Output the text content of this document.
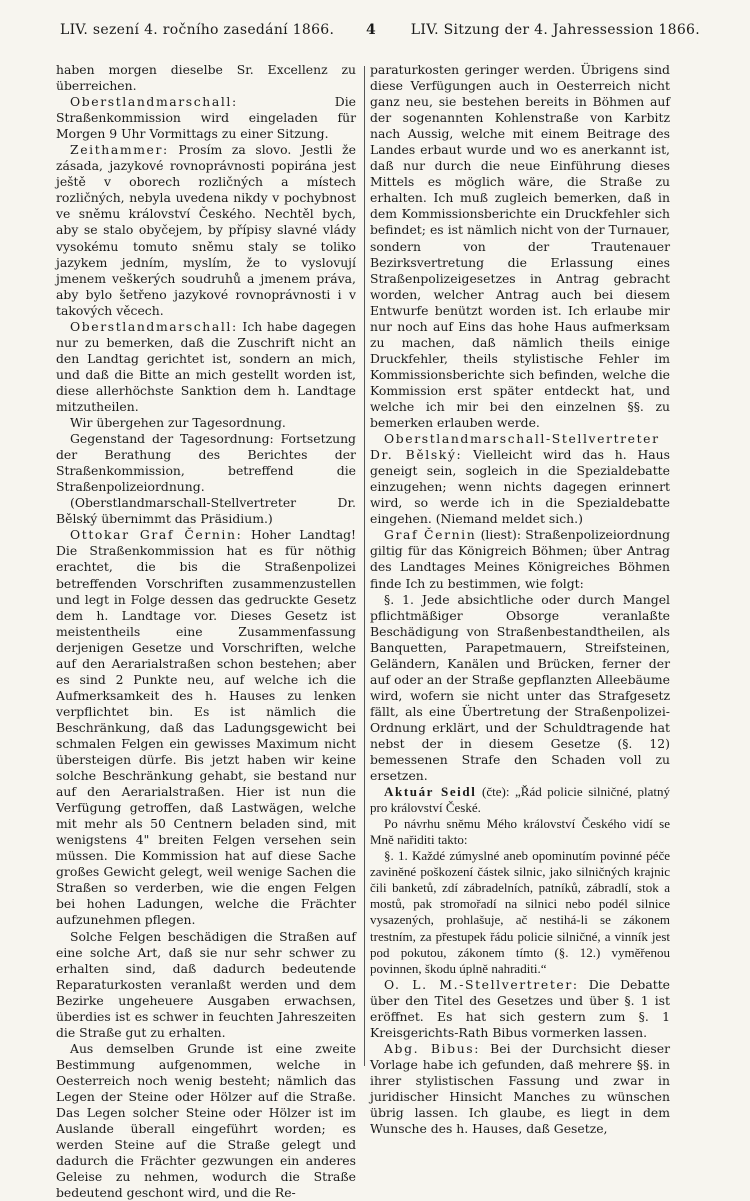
LIV. sezení 4. ročního zasedání 1866. 4 LIV. Sitzung der 4. Jahressession 1866.

haben morgen dieselbe Sr. Excellenz zu überreichen.

Oberstlandmarschall: Die Straßenkommission wird eingeladen für Morgen 9 Uhr Vormittags zu einer Sitzung.

Zeithammer: Prosím za slovo. Jestli že zásada, jazykové rovnoprávnosti popirána jest ještě v oborech rozličných a místech rozličných, nebyla uvedena nikdy v pochybnost ve sněmu království Českého. Nechtěl bych, aby se stalo obyčejem, by přípisy slavné vlády vysokému tomuto sněmu staly se toliko jazykem jedním, myslím, že to vyslovují jmenem veškerých soudruhů a jmenem práva, aby bylo šetřeno jazykové rovnoprávnosti i v takových věcech.

Oberstlandmarschall: Ich habe dagegen nur zu bemerken, daß die Zuschrift nicht an den Landtag gerichtet ist, sondern an mich, und daß die Bitte an mich gestellt worden ist, diese allerhöchste Sanktion dem h. Landtage mitzutheilen.

Wir übergehen zur Tagesordnung.

Gegenstand der Tagesordnung: Fortsetzung der Berathung des Berichtes der Straßenkommission, betreffend die Straßenpolizeiordnung.

(Oberstlandmarschall-Stellvertreter Dr. Bělský übernimmt das Präsidium.)

Ottokar Graf Černin: Hoher Landtag! Die Straßenkommission hat es für nöthig erachtet, die bis die Straßenpolizei betreffenden Vorschriften zusammenzustellen und legt in Folge dessen das gedruckte Gesetz dem h. Landtage vor. Dieses Gesetz ist meistentheils eine Zusammenfassung derjenigen Gesetze und Vorschriften, welche auf den Aerarialstraßen schon bestehen; aber es sind 2 Punkte neu, auf welche ich die Aufmerksamkeit des h. Hauses zu lenken verpflichtet bin. Es ist nämlich die Beschränkung, daß das Ladungsgewicht bei schmalen Felgen ein gewisses Maximum nicht übersteigen dürfe. Bis jetzt haben wir keine solche Beschränkung gehabt, sie bestand nur auf den Aerarialstraßen. Hier ist nun die Verfügung getroffen, daß Lastwägen, welche mit mehr als 50 Centnern beladen sind, mit wenigstens 4" breiten Felgen versehen sein müssen. Die Kommission hat auf diese Sache großes Gewicht gelegt, weil wenige Sachen die Straßen so verderben, wie die engen Felgen bei hohen Ladungen, welche die Frächter aufzunehmen pflegen.

Solche Felgen beschädigen die Straßen auf eine solche Art, daß sie nur sehr schwer zu erhalten sind, daß dadurch bedeutende Reparaturkosten veranlaßt werden und dem Bezirke ungeheuere Ausgaben erwachsen, überdies ist es schwer in feuchten Jahreszeiten die Straße gut zu erhalten.

Aus demselben Grunde ist eine zweite Bestimmung aufgenommen, welche in Oesterreich noch wenig besteht; nämlich das Legen der Steine oder Hölzer auf die Straße. Das Legen solcher Steine oder Hölzer ist im Auslande überall eingeführt worden; es werden Steine auf die Straße gelegt und dadurch die Frächter gezwungen ein anderes Geleise zu nehmen, wodurch die Straße bedeutend geschont wird, und die Re-

paraturkosten geringer werden. Übrigens sind diese Verfügungen auch in Oesterreich nicht ganz neu, sie bestehen bereits in Böhmen auf der sogenannten Kohlenstraße von Karbitz nach Aussig, welche mit einem Beitrage des Landes erbaut wurde und wo es anerkannt ist, daß nur durch die neue Einführung dieses Mittels es möglich wäre, die Straße zu erhalten. Ich muß zugleich bemerken, daß in dem Kommissionsberichte ein Druckfehler sich befindet; es ist nämlich nicht von der Turnauer, sondern von der Trautenauer Bezirksvertretung die Erlassung eines Straßenpolizeigesetzes in Antrag gebracht worden, welcher Antrag auch bei diesem Entwurfe benützt worden ist. Ich erlaube mir nur noch auf Eins das hohe Haus aufmerksam zu machen, daß nämlich theils einige Druckfehler, theils stylistische Fehler im Kommissionsberichte sich befinden, welche die Kommission erst später entdeckt hat, und welche ich mir bei den einzelnen §§. zu bemerken erlauben werde.

Oberstlandmarschall-Stellvertreter Dr. Bělský: Vielleicht wird das h. Haus geneigt sein, sogleich in die Spezialdebatte einzugehen; wenn nichts dagegen erinnert wird, so werde ich in die Spezialdebatte eingehen. (Niemand meldet sich.)

Graf Černin (liest): Straßenpolizeiordnung giltig für das Königreich Böhmen; über Antrag des Landtages Meines Königreiches Böhmen finde Ich zu bestimmen, wie folgt:

§. 1. Jede absichtliche oder durch Mangel pflichtmäßiger Obsorge veranlaßte Beschädigung von Straßenbestandtheilen, als Banquetten, Parapetmauern, Streifsteinen, Geländern, Kanälen und Brücken, ferner der auf oder an der Straße gepflanzten Alleebäume wird, wofern sie nicht unter das Strafgesetz fällt, als eine Übertretung der Straßenpolizei-Ordnung erklärt, und der Schuldtragende hat nebst der in diesem Gesetze (§. 12) bemessenen Strafe den Schaden voll zu ersetzen.

Aktuár Seidl (čte): „Řád policie silničné, platný pro království České.

Po návrhu sněmu Mého království Českého vidí se Mně nařiditi takto:

§. 1. Každé zúmyslné aneb opominutím povinné péče zaviněné poškození částek silnic, jako silničných krajnic čili banketů, zdí zábradelních, patníků, zábradlí, stok a mostů, pak stromořadí na silnici nebo podél silnice vysazených, prohlašuje, ač nestihá-li se zákonem trestním, za přestupek řádu policie silničné, a vinník jest pod pokutou, zákonem tímto (§. 12.) vyměřenou povinnen, škodu úplně nahraditi.“

O. L. M.-Stellvertreter: Die Debatte über den Titel des Gesetzes und über §. 1 ist eröffnet. Es hat sich gestern zum §. 1 Kreisgerichts-Rath Bibus vormerken lassen.

Abg. Bibus: Bei der Durchsicht dieser Vorlage habe ich gefunden, daß mehrere §§. in ihrer stylistischen Fassung und zwar in juridischer Hinsicht Manches zu wünschen übrig lassen. Ich glaube, es liegt in dem Wunsche des h. Hauses, daß Gesetze,
